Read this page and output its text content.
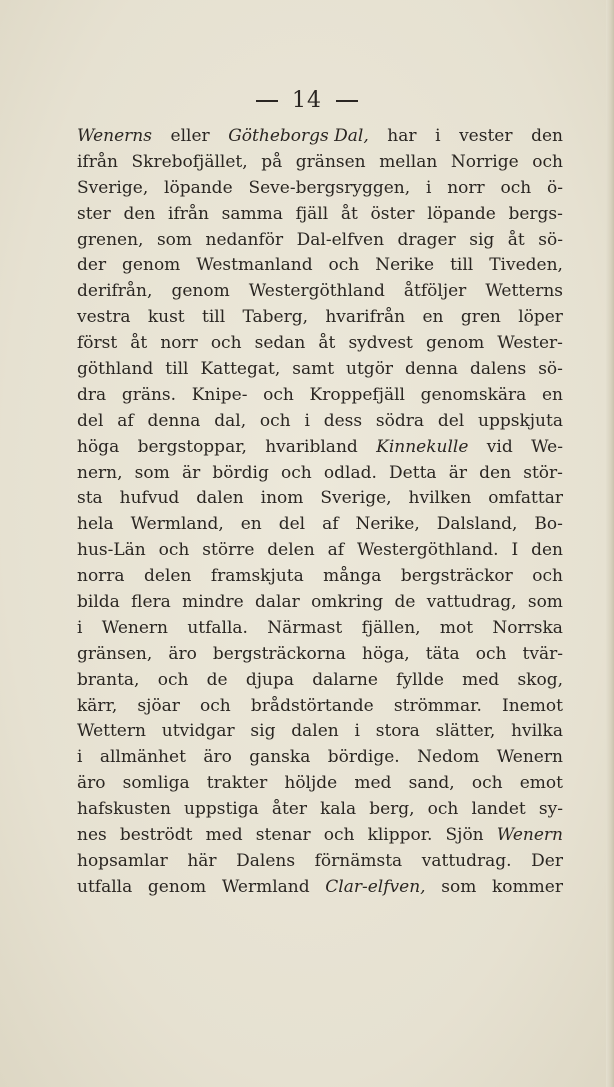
14
Wenerns eller Götheborgs Dal, har i vester den
ifrån Skrebofjället, på gränsen mellan Norrige och
Sverige, löpande Seve-bergsryggen, i norr och ö-
ster den ifrån samma fjäll åt öster löpande bergs-
grenen, som nedanför Dal-elfven drager sig åt sö-
der genom Westmanland och Nerike till Tiveden,
derifrån, genom Westergöthland åtföljer Wetterns
vestra kust till Taberg, hvarifrån en gren löper
först åt norr och sedan åt sydvest genom Wester-
göthland till Kattegat, samt utgör denna dalens sö-
dra gräns. Knipe- och Kroppefjäll genomskära en
del af denna dal, och i dess södra del uppskjuta
höga bergstoppar, hvaribland Kinnekulle vid We-
nern, som är bördig och odlad. Detta är den stör-
sta hufvud dalen inom Sverige, hvilken omfattar
hela Wermland, en del af Nerike, Dalsland, Bo-
hus-Län och större delen af Westergöthland. I den
norra delen framskjuta många bergsträckor och
bilda flera mindre dalar omkring de vattudrag, som
i Wenern utfalla. Närmast fjällen, mot Norrska
gränsen, äro bergsträckorna höga, täta och tvär-
branta, och de djupa dalarne fyllde med skog,
kärr, sjöar och brådstörtande strömmar. Inemot
Wettern utvidgar sig dalen i stora slätter, hvilka
i allmänhet äro ganska bördige. Nedom Wenern
äro somliga trakter höljde med sand, och emot
hafskusten uppstiga åter kala berg, och landet sy-
nes beströdt med stenar och klippor. Sjön Wenern
hopsamlar här Dalens förnämsta vattudrag. Der
utfalla genom Wermland Clar-elfven, som kommer
